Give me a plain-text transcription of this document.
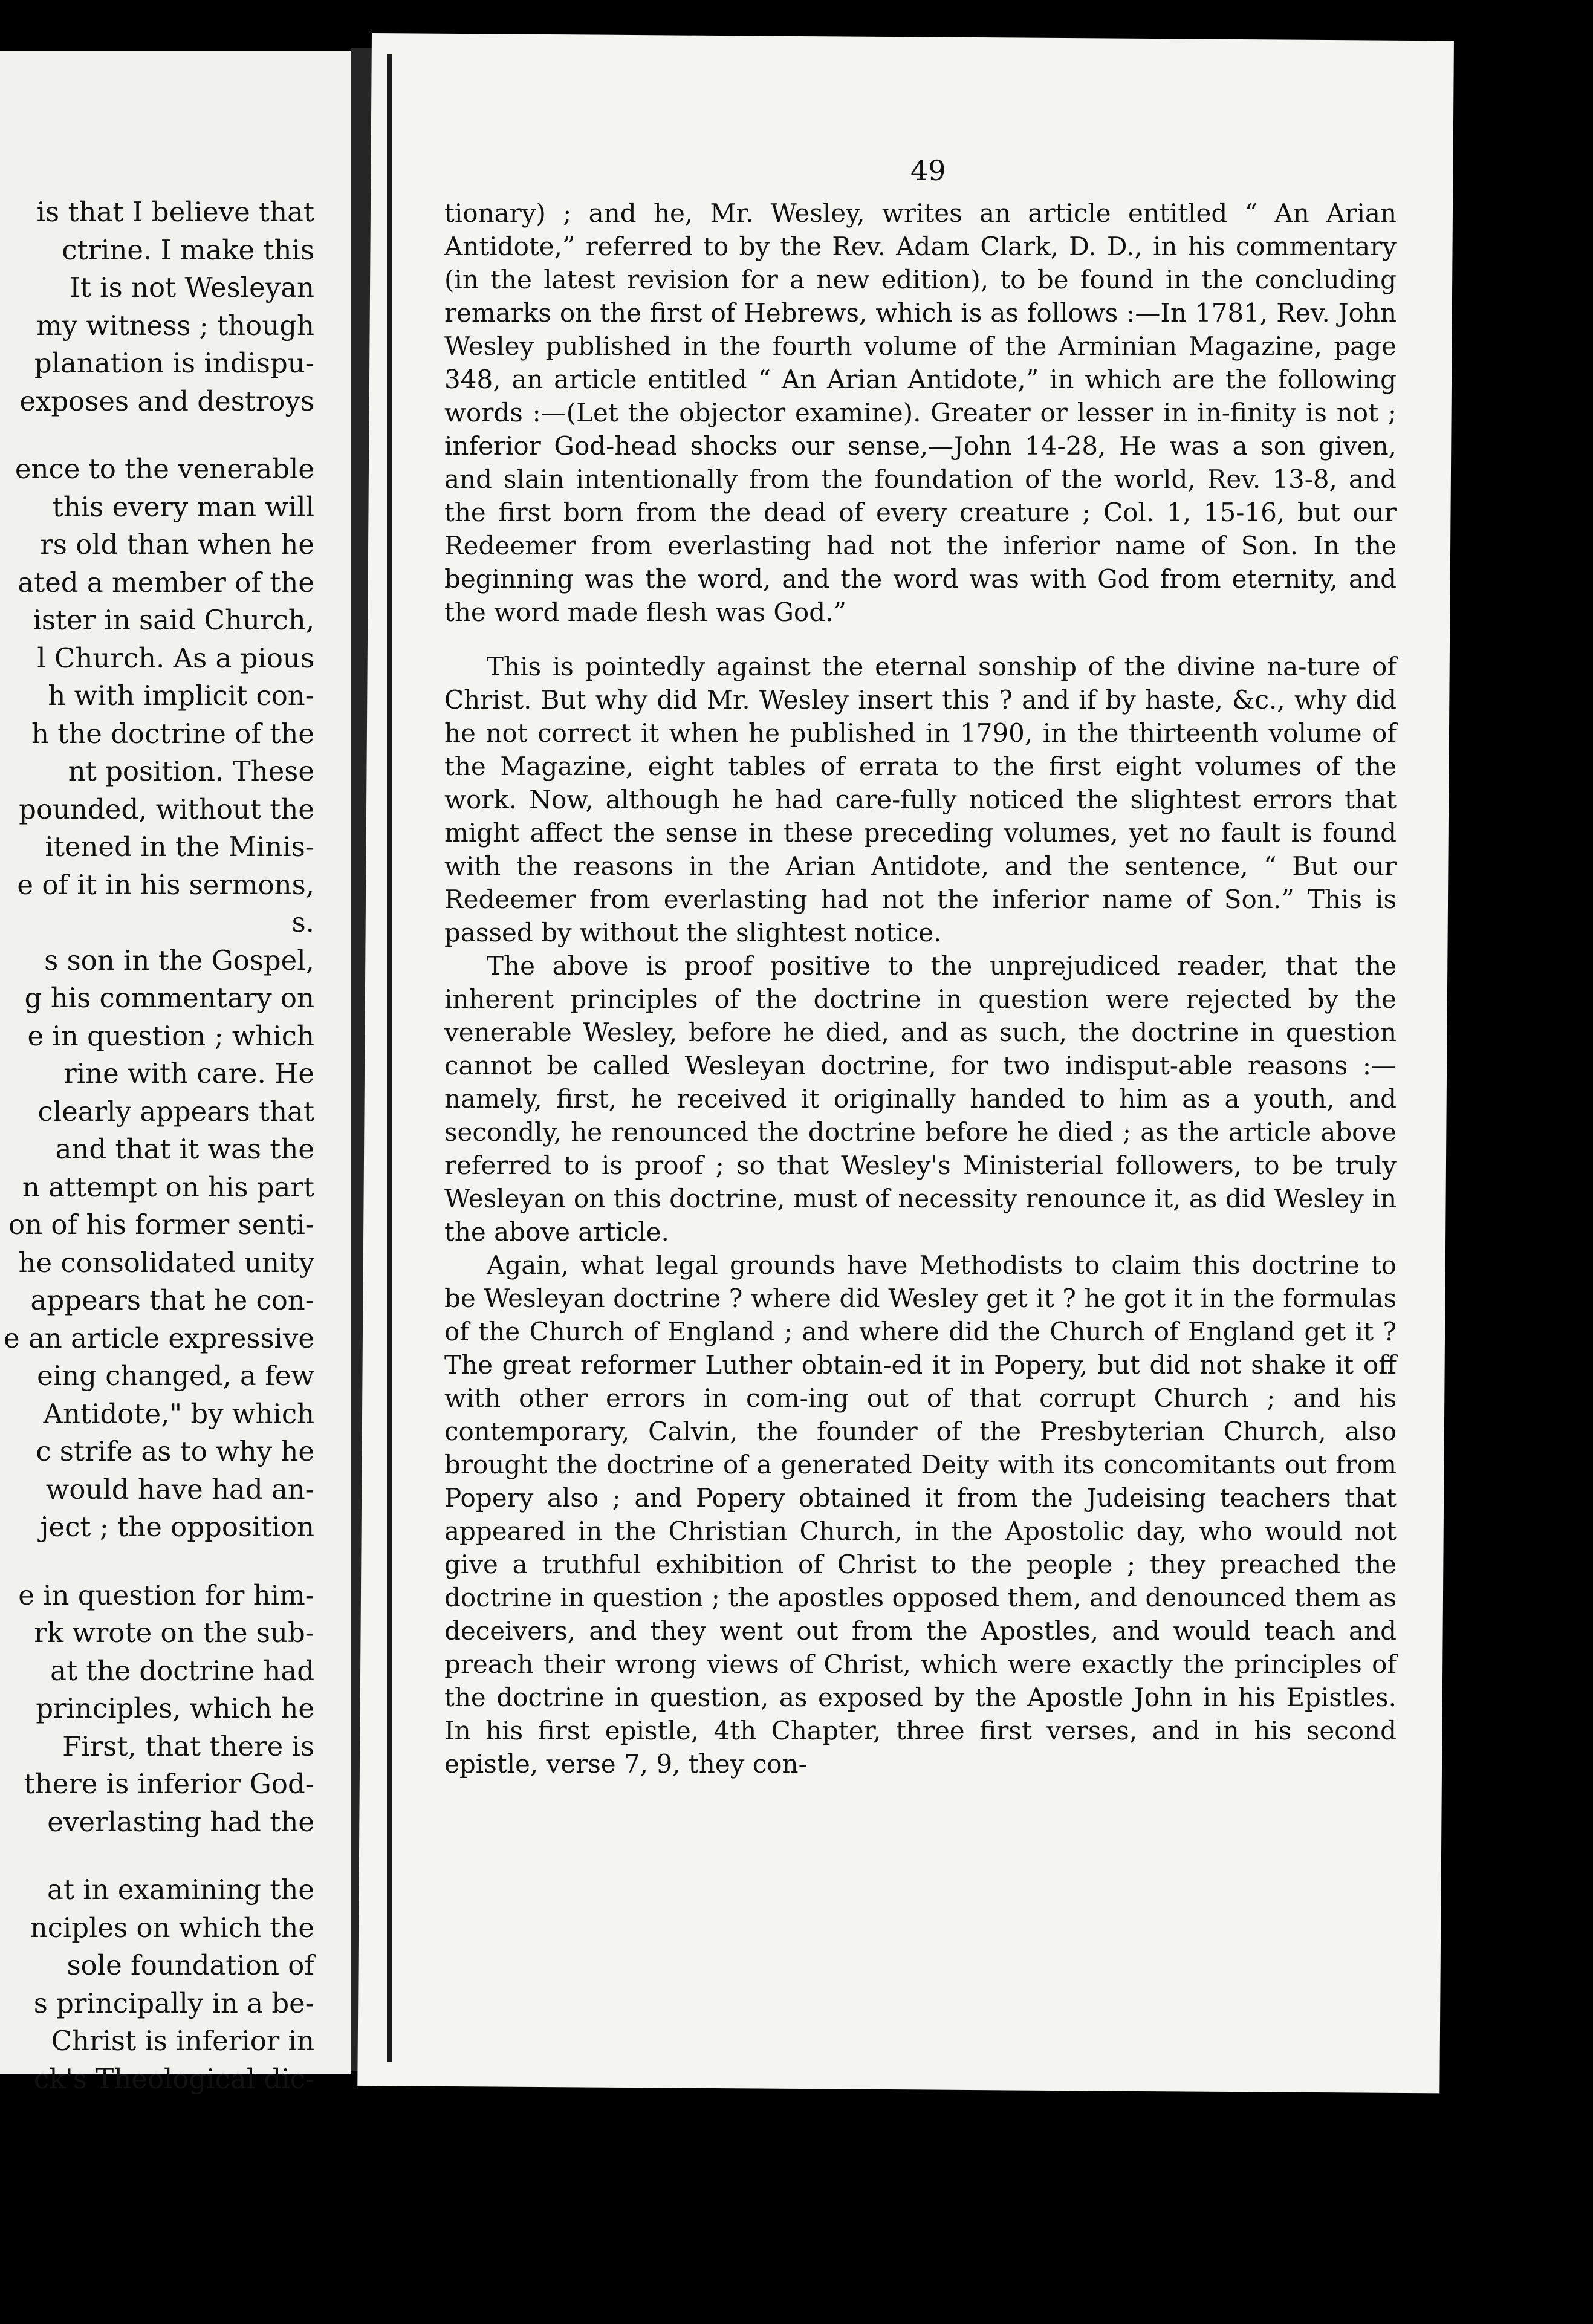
is that I believe that
ctrine. I make this
It is not Wesleyan
my witness ; though
planation is indispu-
exposes and destroys
ence to the venerable
this every man will
rs old than when he
ated a member of the
ister in said Church,
l Church. As a pious
h with implicit con-
h the doctrine of the
nt position. These
pounded, without the
itened in the Minis-
e of it in his sermons,
s.
s son in the Gospel,
g his commentary on
e in question ; which
rine with care. He
clearly appears that
and that it was the
n attempt on his part
on of his former senti-
he consolidated unity
appears that he con-
e an article expressive
eing changed, a few
Antidote," by which
c strife as to why he
would have had an-
ject ; the opposition
e in question for him-
rk wrote on the sub-
at the doctrine had
principles, which he
First, that there is
there is inferior God-
everlasting had the
at in examining the
nciples on which the
sole foundation of
s principally in a be-
Christ is inferior in
ck's Theological dic-
49

tionary) ; and he, Mr. Wesley, writes an article entitled “ An Arian Antidote,” referred to by the Rev. Adam Clark, D. D., in his commentary (in the latest revision for a new edition), to be found in the concluding remarks on the first of Hebrews, which is as follows :—In 1781, Rev. John Wesley published in the fourth volume of the Arminian Magazine, page 348, an article entitled “ An Arian Antidote,” in which are the following words :—(Let the objector examine). Greater or lesser in in-finity is not ; inferior God-head shocks our sense,—John 14-28, He was a son given, and slain intentionally from the foundation of the world, Rev. 13-8, and the first born from the dead of every creature ; Col. 1, 15-16, but our Redeemer from everlasting had not the inferior name of Son. In the beginning was the word, and the word was with God from eternity, and the word made flesh was God.”

This is pointedly against the eternal sonship of the divine na-ture of Christ. But why did Mr. Wesley insert this ? and if by haste, &c., why did he not correct it when he published in 1790, in the thirteenth volume of the Magazine, eight tables of errata to the first eight volumes of the work. Now, although he had care-fully noticed the slightest errors that might affect the sense in these preceding volumes, yet no fault is found with the reasons in the Arian Antidote, and the sentence, “ But our Redeemer from everlasting had not the inferior name of Son.” This is passed by without the slightest notice.

The above is proof positive to the unprejudiced reader, that the inherent principles of the doctrine in question were rejected by the venerable Wesley, before he died, and as such, the doctrine in question cannot be called Wesleyan doctrine, for two indisput-able reasons :—namely, first, he received it originally handed to him as a youth, and secondly, he renounced the doctrine before he died ; as the article above referred to is proof ; so that Wesley's Ministerial followers, to be truly Wesleyan on this doctrine, must of necessity renounce it, as did Wesley in the above article.

Again, what legal grounds have Methodists to claim this doctrine to be Wesleyan doctrine ? where did Wesley get it ? he got it in the formulas of the Church of England ; and where did the Church of England get it ? The great reformer Luther obtain-ed it in Popery, but did not shake it off with other errors in com-ing out of that corrupt Church ; and his contemporary, Calvin, the founder of the Presbyterian Church, also brought the doctrine of a generated Deity with its concomitants out from Popery also ; and Popery obtained it from the Judeising teachers that appeared in the Christian Church, in the Apostolic day, who would not give a truthful exhibition of Christ to the people ; they preached the doctrine in question ; the apostles opposed them, and denounced them as deceivers, and they went out from the Apostles, and would teach and preach their wrong views of Christ, which were exactly the principles of the doctrine in question, as exposed by the Apostle John in his Epistles. In his first epistle, 4th Chapter, three first verses, and in his second epistle, verse 7, 9, they con-
